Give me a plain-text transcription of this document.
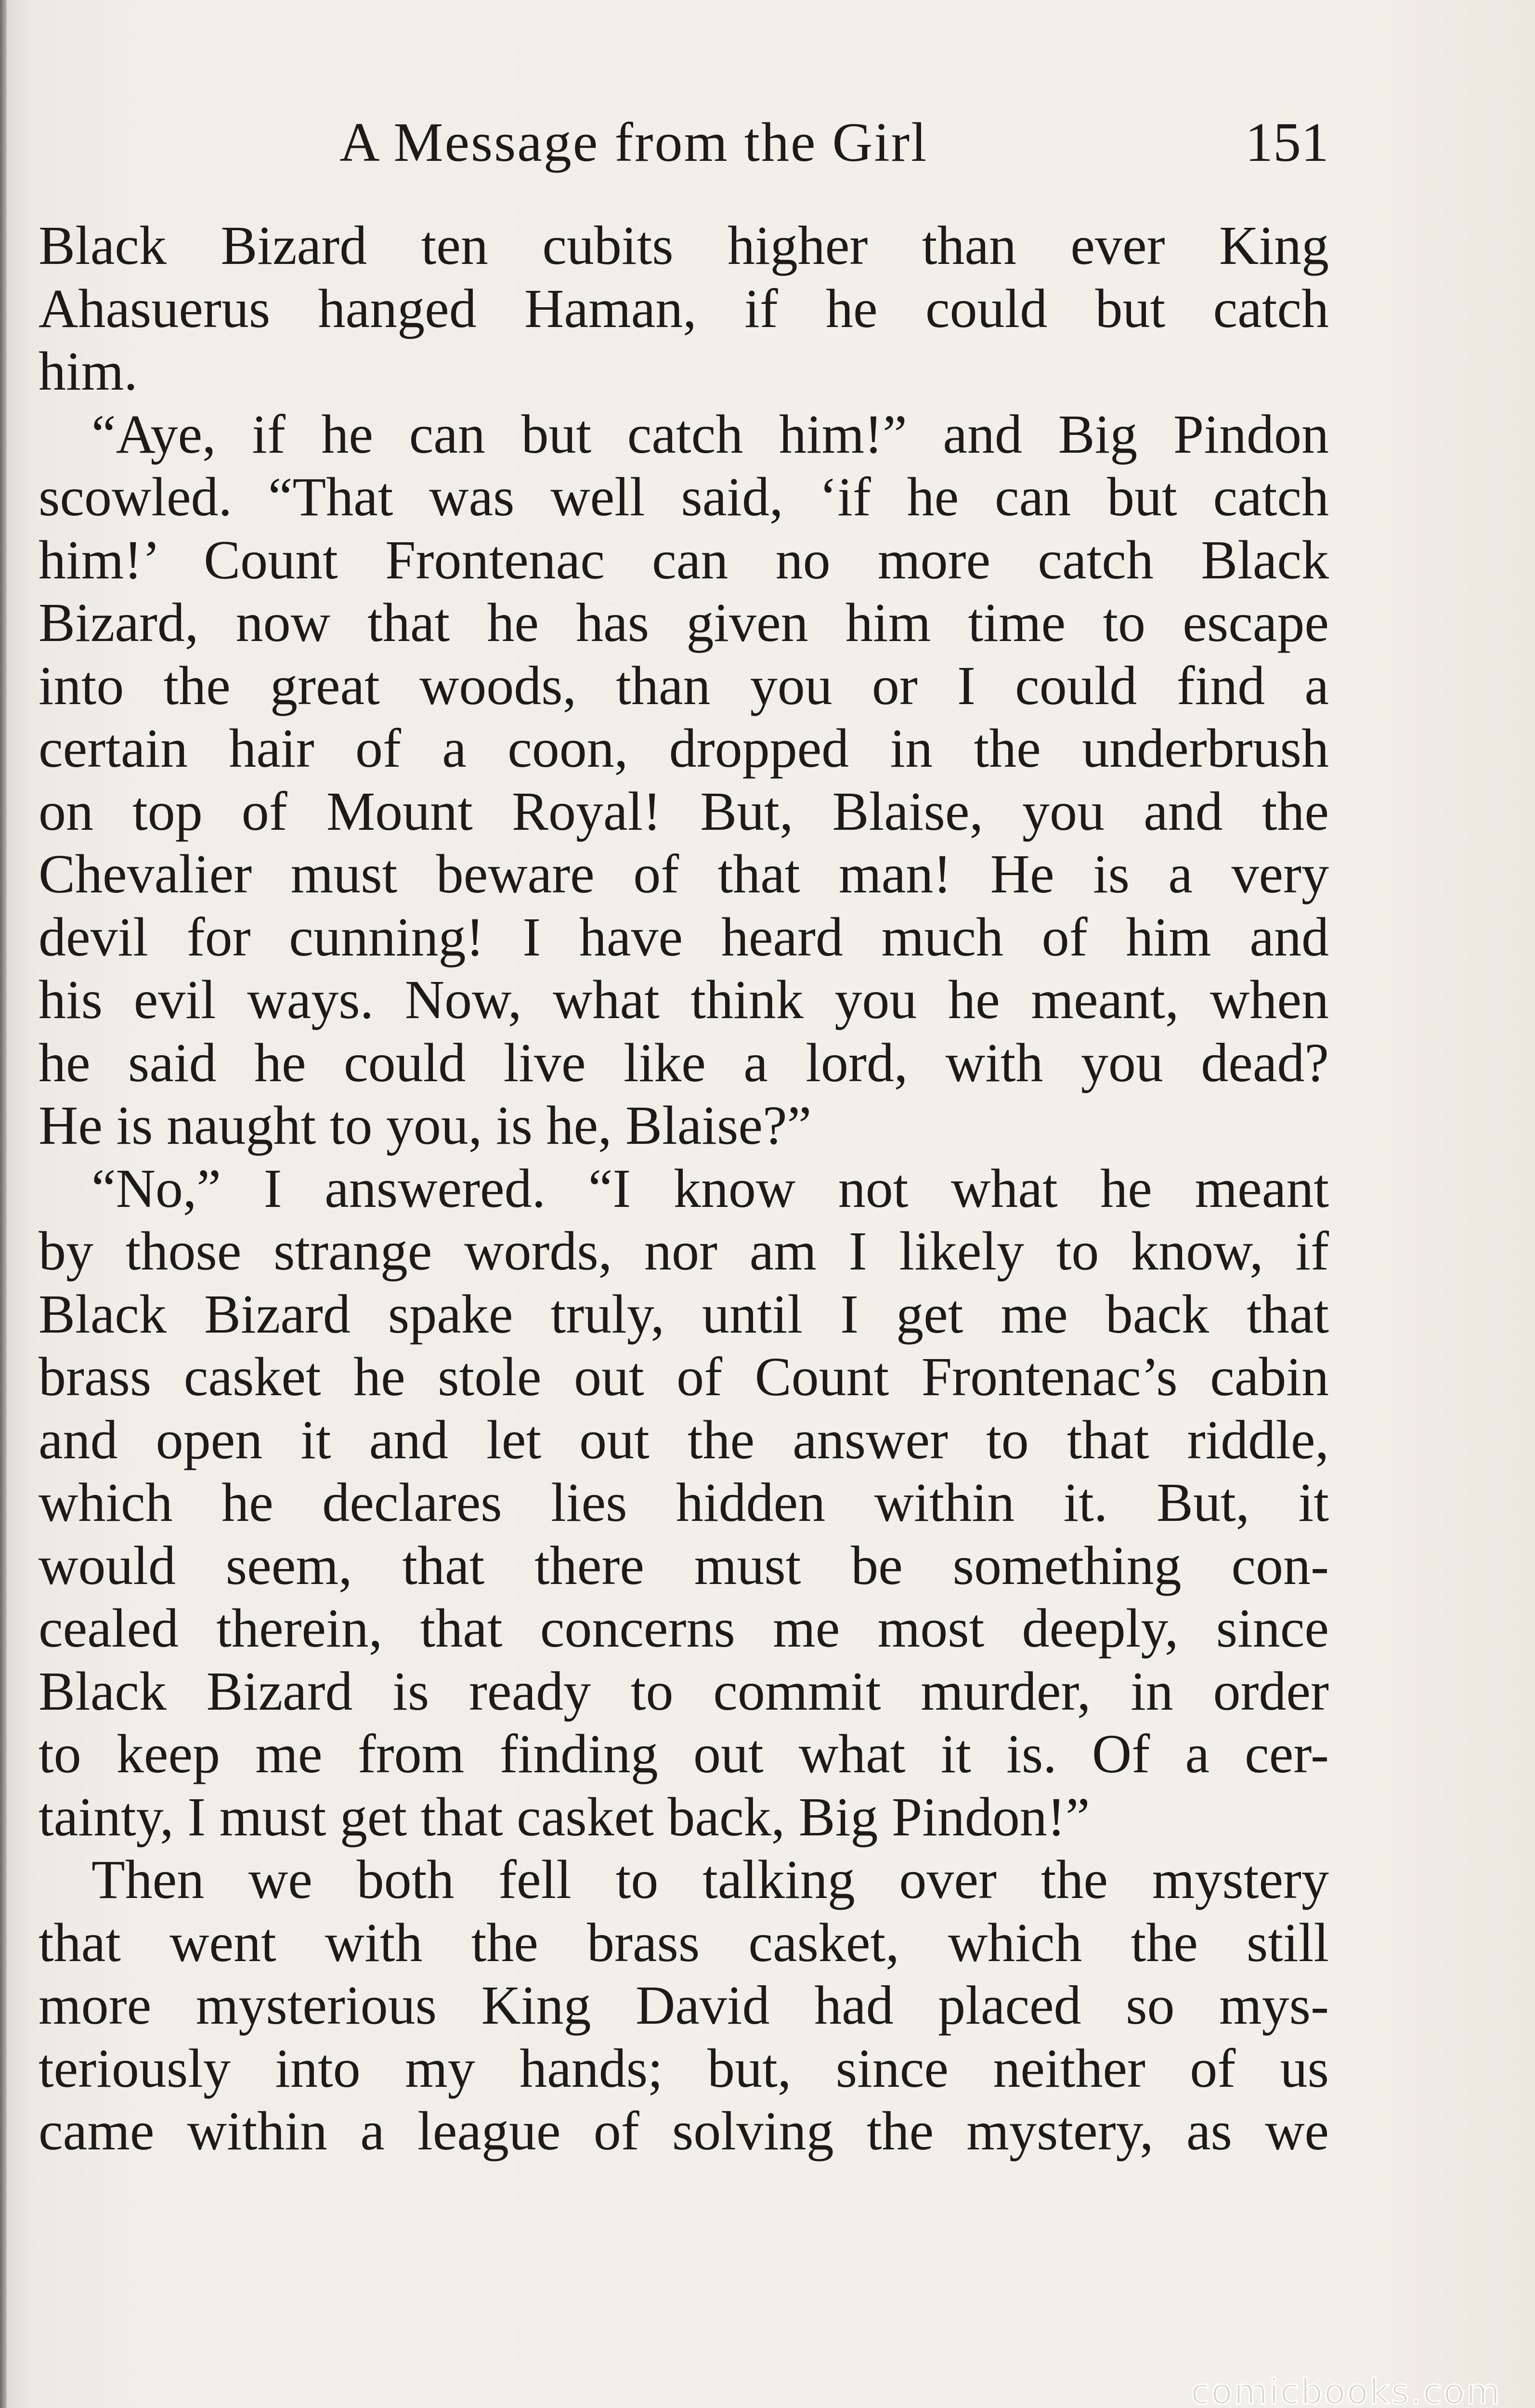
A Message from the Girl	151
Black Bizard ten cubits higher than ever King
Ahasuerus hanged Haman, if he could but catch
him.
“Aye, if he can but catch him!” and Big Pindon
scowled. “That was well said, ‘if he can but catch
him!’ Count Frontenac can no more catch Black
Bizard, now that he has given him time to escape
into the great woods, than you or I could find a
certain hair of a coon, dropped in the underbrush
on top of Mount Royal! But, Blaise, you and the
Chevalier must beware of that man! He is a very
devil for cunning! I have heard much of him and
his evil ways. Now, what think you he meant, when
he said he could live like a lord, with you dead?
He is naught to you, is he, Blaise?”
“No,” I answered. “I know not what he meant
by those strange words, nor am I likely to know, if
Black Bizard spake truly, until I get me back that
brass casket he stole out of Count Frontenac’s cabin
and open it and let out the answer to that riddle,
which he declares lies hidden within it. But, it
would seem, that there must be something con-
cealed therein, that concerns me most deeply, since
Black Bizard is ready to commit murder, in order
to keep me from finding out what it is. Of a cer-
tainty, I must get that casket back, Big Pindon!”
Then we both fell to talking over the mystery
that went with the brass casket, which the still
more mysterious King David had placed so mys-
teriously into my hands; but, since neither of us
came within a league of solving the mystery, as we
comicbooks.com
